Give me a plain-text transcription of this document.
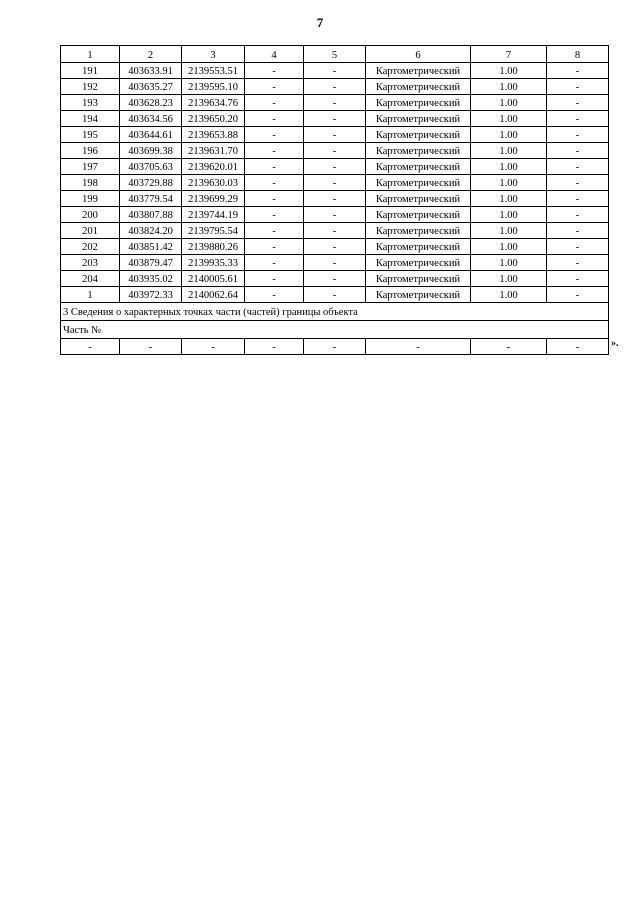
7
1	2	3	4	5	6	7	8
191	403633.91	2139553.51	-	-	Картометрический	1.00	-
192	403635.27	2139595.10	-	-	Картометрический	1.00	-
193	403628.23	2139634.76	-	-	Картометрический	1.00	-
194	403634.56	2139650.20	-	-	Картометрический	1.00	-
195	403644.61	2139653.88	-	-	Картометрический	1.00	-
196	403699.38	2139631.70	-	-	Картометрический	1.00	-
197	403705.63	2139620.01	-	-	Картометрический	1.00	-
198	403729.88	2139630.03	-	-	Картометрический	1.00	-
199	403779.54	2139699.29	-	-	Картометрический	1.00	-
200	403807.88	2139744.19	-	-	Картометрический	1.00	-
201	403824.20	2139795.54	-	-	Картометрический	1.00	-
202	403851.42	2139880.26	-	-	Картометрический	1.00	-
203	403879.47	2139935.33	-	-	Картометрический	1.00	-
204	403935.02	2140005.61	-	-	Картометрический	1.00	-
1	403972.33	2140062.64	-	-	Картометрический	1.00	-
3 Сведения о характерных точках части (частей) границы объекта							
Часть №							
-	-	-	-	-	-	-	-	».
